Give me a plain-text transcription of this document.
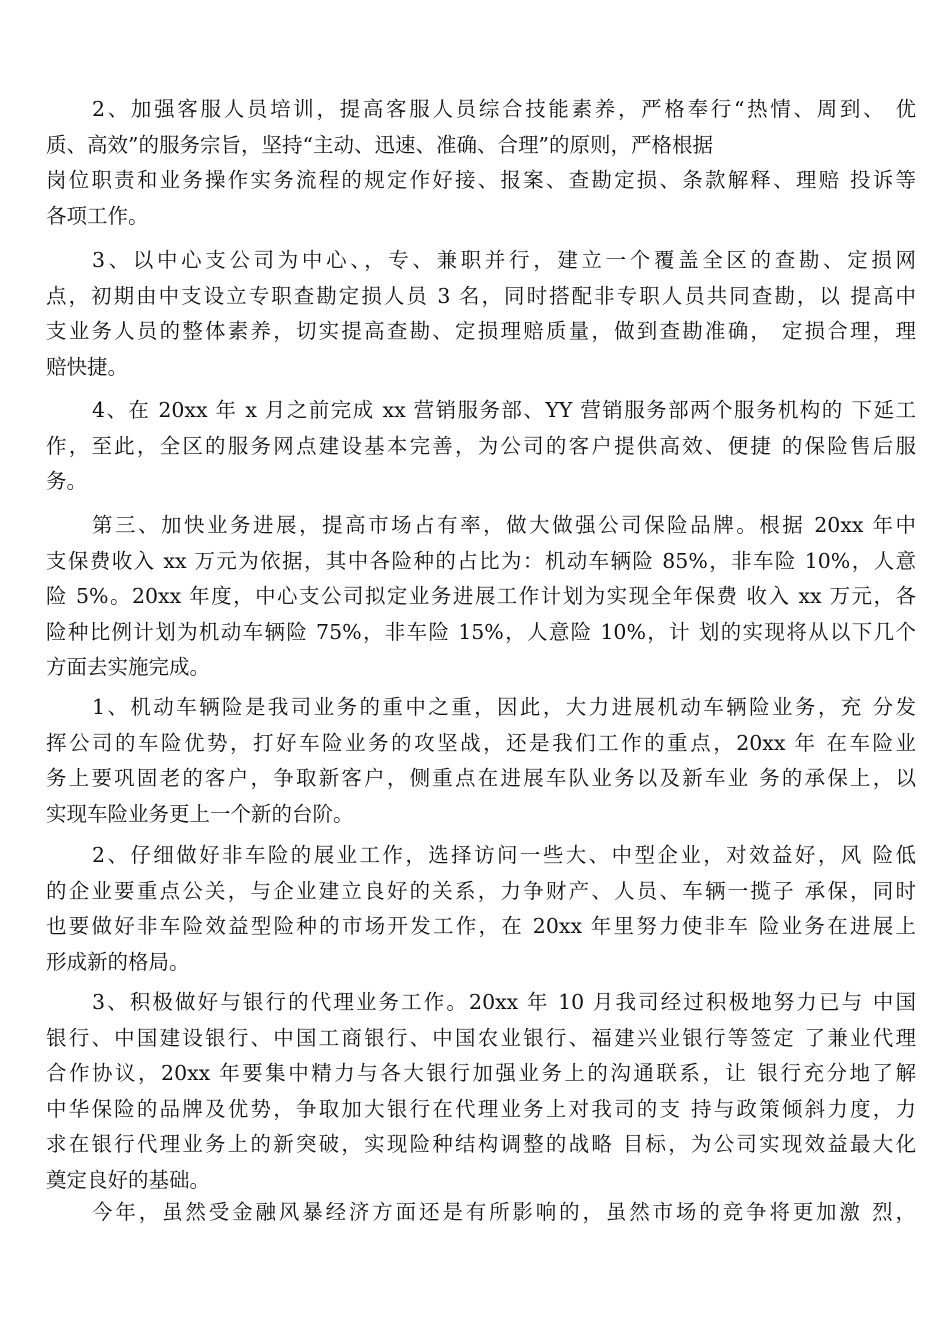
2、加强客服人员培训，提高客服人员综合技能素养，严格奉行“热情、周到、 优
质、高效”的服务宗旨，坚持“主动、迅速、准确、合理”的原则，严格根据
岗位职责和业务操作实务流程的规定作好接、报案、查勘定损、条款解释、理赔 投诉等
各项工作。
3、以中心支公司为中心、，专、兼职并行，建立一个覆盖全区的查勘、定损网
点，初期由中支设立专职查勘定损人员 3 名，同时搭配非专职人员共同查勘，以 提高中
支业务人员的整体素养，切实提高查勘、定损理赔质量，做到查勘准确， 定损合理，理
赔快捷。
4、在 20xx 年 x 月之前完成 xx 营销服务部、YY 营销服务部两个服务机构的 下延工
作，至此，全区的服务网点建设基本完善，为公司的客户提供高效、便捷 的保险售后服
务。
第三、加快业务进展，提高市场占有率，做大做强公司保险品牌。根据 20xx 年中
支保费收入 xx 万元为依据，其中各险种的占比为：机动车辆险 85%，非车险 10%，人意
险 5%。20xx 年度，中心支公司拟定业务进展工作计划为实现全年保费 收入 xx 万元，各
险种比例计划为机动车辆险 75%，非车险 15%，人意险 10%，计 划的实现将从以下几个
方面去实施完成。
1、机动车辆险是我司业务的重中之重，因此，大力进展机动车辆险业务，充 分发
挥公司的车险优势，打好车险业务的攻坚战，还是我们工作的重点，20xx 年 在车险业
务上要巩固老的客户，争取新客户，侧重点在进展车队业务以及新车业 务的承保上，以
实现车险业务更上一个新的台阶。
2、仔细做好非车险的展业工作，选择访问一些大、中型企业，对效益好，风 险低
的企业要重点公关，与企业建立良好的关系，力争财产、人员、车辆一揽子 承保，同时
也要做好非车险效益型险种的市场开发工作，在 20xx 年里努力使非车 险业务在进展上
形成新的格局。
3、积极做好与银行的代理业务工作。20xx 年 10 月我司经过积极地努力已与 中国
银行、中国建设银行、中国工商银行、中国农业银行、福建兴业银行等签定 了兼业代理
合作协议，20xx 年要集中精力与各大银行加强业务上的沟通联系，让 银行充分地了解
中华保险的品牌及优势，争取加大银行在代理业务上对我司的支 持与政策倾斜力度，力
求在银行代理业务上的新突破，实现险种结构调整的战略 目标，为公司实现效益最大化
奠定良好的基础。
今年，虽然受金融风暴经济方面还是有所影响的，虽然市场的竞争将更加激 烈，
